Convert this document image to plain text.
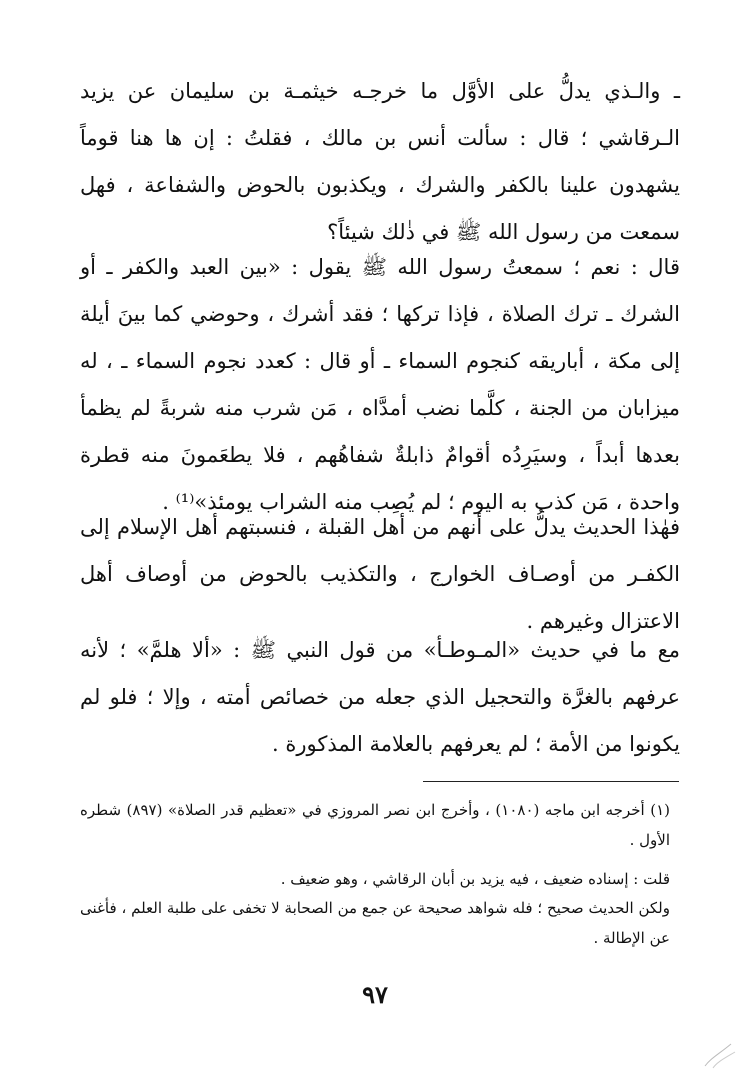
ـ والـذي يدلُّ على الأوَّل ما خرجـه خيثمـة بن سليمان عن يزيد الـرقاشي ؛ قال : سألت أنس بن مالك ، فقلتُ : إن ها هنا قوماً يشهدون علينا بالكفر والشرك ، ويكذبون بالحوض والشفاعة ، فهل سمعت من رسول الله ﷺ في ذٰلك شيئاً؟

قال : نعم ؛ سمعتُ رسول الله ﷺ يقول : «بين العبد والكفر ـ أو الشرك ـ ترك الصلاة ، فإذا تركها ؛ فقد أشرك ، وحوضي كما بينَ أيلة إلى مكة ، أباريقه كنجوم السماء ـ أو قال : كعدد نجوم السماء ـ ، له ميزابان من الجنة ، كلَّما نضب أمدَّاه ، مَن شرب منه شربةً لم يظمأ بعدها أبداً ، وسيَرِدُه أقوامٌ ذابلةٌ شفاهُهم ، فلا يطعَمونَ منه قطرة واحدة ، مَن كذب به اليوم ؛ لم يُصِب منه الشراب يومئذ»⁽¹⁾ .

فهٰذا الحديث يدلُّ على أنهم من أهل القبلة ، فنسبتهم أهل الإسلام إلى الكفـر من أوصـاف الخوارج ، والتكذيب بالحوض من أوصاف أهل الاعتزال وغيرهم .

مع ما في حديث «المـوطـأ» من قول النبي ﷺ : «ألا هلمَّ» ؛ لأنه عرفهم بالغرَّة والتحجيل الذي جعله من خصائص أمته ، وإلا ؛ فلو لم يكونوا من الأمة ؛ لم يعرفهم بالعلامة المذكورة .

(١) أخرجه ابن ماجه (١٠٨٠) ، وأخرج ابن نصر المروزي في «تعظيم قدر الصلاة» (٨٩٧) شطره الأول .

قلت : إسناده ضعيف ، فيه يزيد بن أبان الرقاشي ، وهو ضعيف .

ولكن الحديث صحيح ؛ فله شواهد صحيحة عن جمع من الصحابة لا تخفى على طلبة العلم ، فأغنى عن الإطالة .

٩٧
